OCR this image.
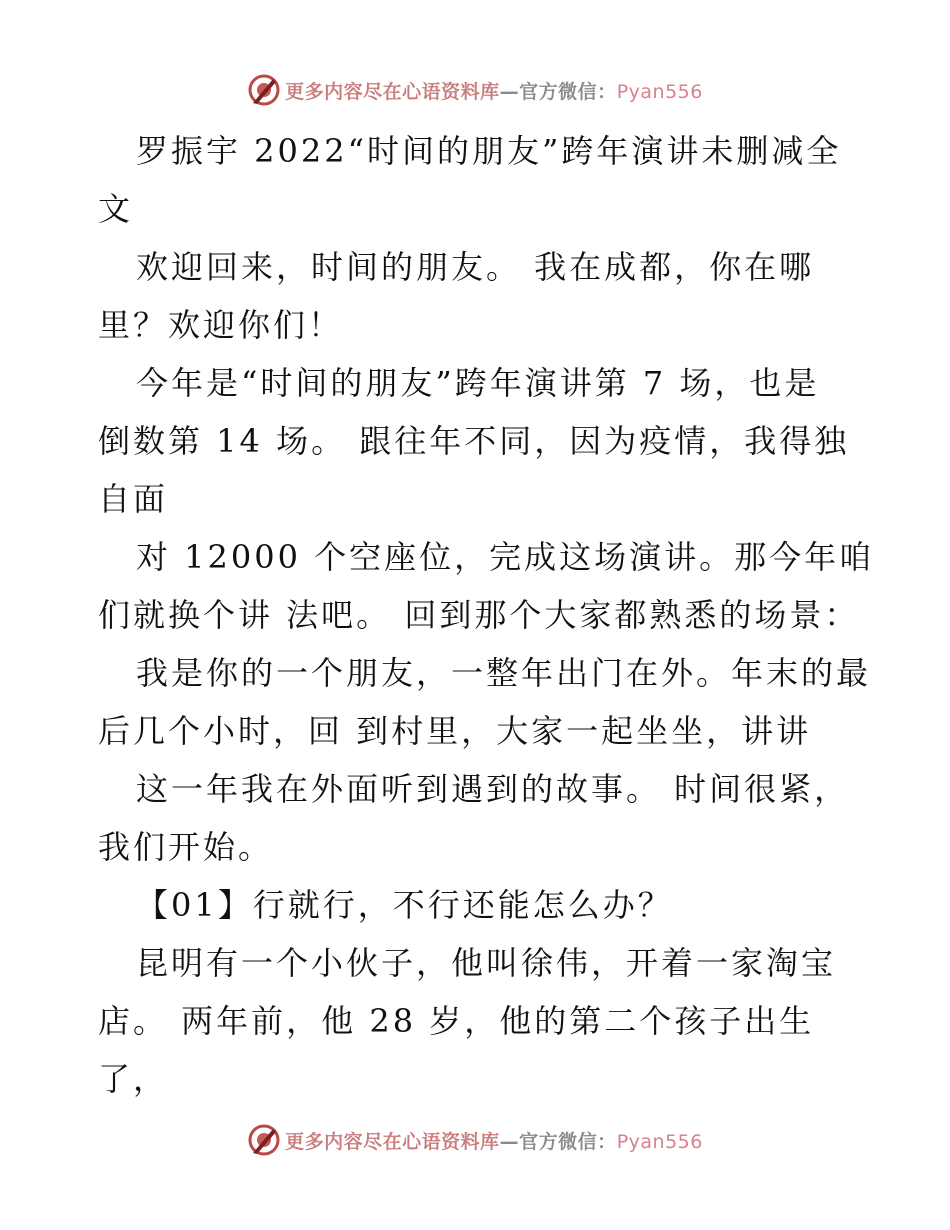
更多内容尽在心语资料库—官方微信：Pyan556
罗振宇 2022“时间的朋友”跨年演讲未删减全
文
欢迎回来，时间的朋友。 我在成都，你在哪
里？欢迎你们！
今年是“时间的朋友”跨年演讲第 7 场，也是
倒数第 14 场。 跟往年不同，因为疫情，我得独
自面
对 12000 个空座位，完成这场演讲。那今年咱
们就换个讲 法吧。 回到那个大家都熟悉的场景：
我是你的一个朋友，一整年出门在外。年末的最
后几个小时，回 到村里，大家一起坐坐，讲讲
这一年我在外面听到遇到的故事。 时间很紧，
我们开始。
【01】行就行，不行还能怎么办？
昆明有一个小伙子，他叫徐伟，开着一家淘宝
店。 两年前，他 28 岁，他的第二个孩子出生
了，
更多内容尽在心语资料库—官方微信：Pyan556
